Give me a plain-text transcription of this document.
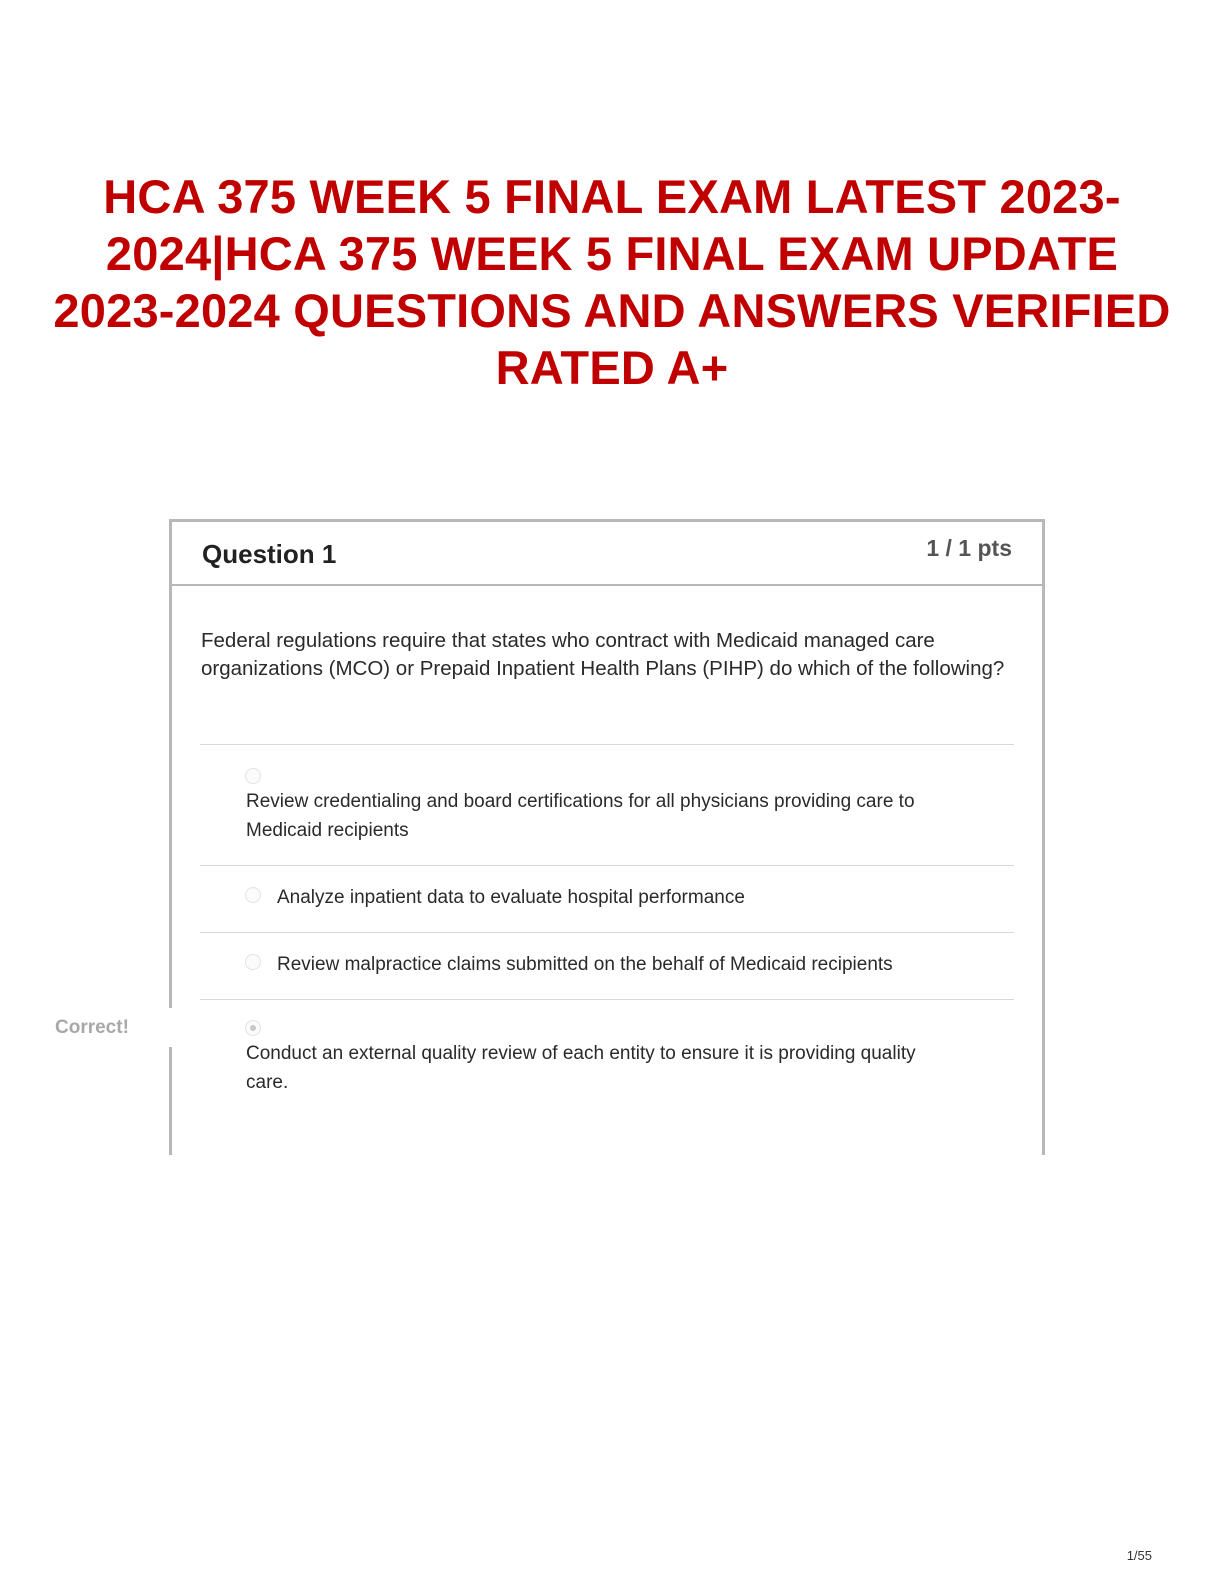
HCA 375 WEEK 5 FINAL EXAM LATEST 2023-2024|HCA 375 WEEK 5 FINAL EXAM UPDATE 2023-2024 QUESTIONS AND ANSWERS VERIFIED RATED A+
Question 1	1 / 1 pts
Federal regulations require that states who contract with Medicaid managed care organizations (MCO) or Prepaid Inpatient Health Plans (PIHP) do which of the following?
Review credentialing and board certifications for all physicians providing care to Medicaid recipients
Analyze inpatient data to evaluate hospital performance
Review malpractice claims submitted on the behalf of Medicaid recipients
Conduct an external quality review of each entity to ensure it is providing quality care.
Correct!
1/55
